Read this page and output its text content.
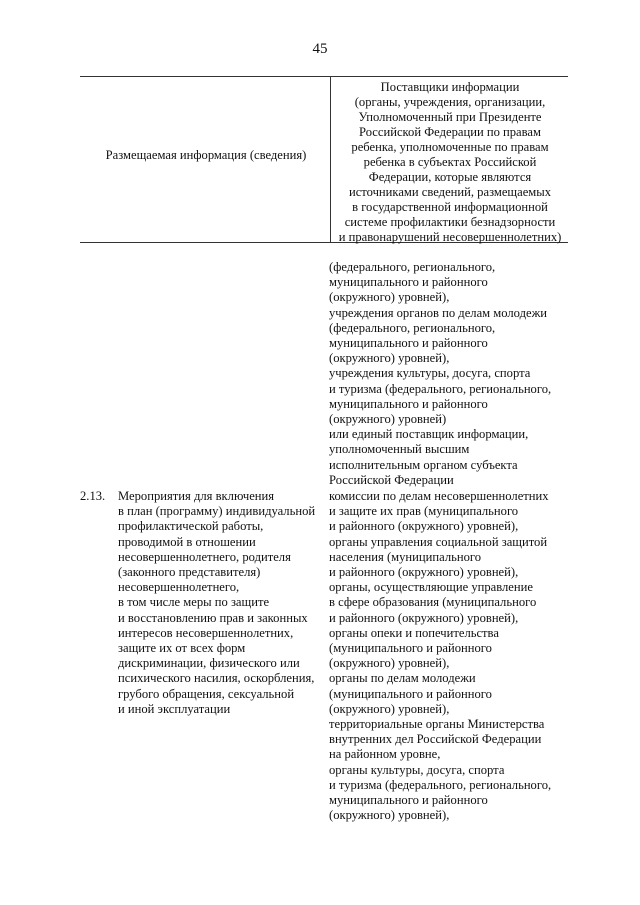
45
Размещаемая информация (сведения)
Поставщики информации
(органы, учреждения, организации,
Уполномоченный при Президенте
Российской Федерации по правам
ребенка, уполномоченные по правам
ребенка в субъектах Российской
Федерации, которые являются
источниками сведений, размещаемых
в государственной информационной
системе профилактики безнадзорности
и правонарушений несовершеннолетних)
(федерального, регионального,
муниципального и районного
(окружного) уровней),
учреждения органов по делам молодежи
(федерального, регионального,
муниципального и районного
(окружного) уровней),
учреждения культуры, досуга, спорта
и туризма (федерального, регионального,
муниципального и районного
(окружного) уровней)
или единый поставщик информации,
уполномоченный высшим
исполнительным органом субъекта
Российской Федерации
2.13. Мероприятия для включения
в план (программу) индивидуальной
профилактической работы,
проводимой в отношении
несовершеннолетнего, родителя
(законного представителя)
несовершеннолетнего,
в том числе меры по защите
и восстановлению прав и законных
интересов несовершеннолетних,
защите их от всех форм
дискриминации, физического или
психического насилия, оскорбления,
грубого обращения, сексуальной
и иной эксплуатации
комиссии по делам несовершеннолетних
и защите их прав (муниципального
и районного (окружного) уровней),
органы управления социальной защитой
населения (муниципального
и районного (окружного) уровней),
органы, осуществляющие управление
в сфере образования (муниципального
и районного (окружного) уровней),
органы опеки и попечительства
(муниципального и районного
(окружного) уровней),
органы по делам молодежи
(муниципального и районного
(окружного) уровней),
территориальные органы Министерства
внутренних дел Российской Федерации
на районном уровне,
органы культуры, досуга, спорта
и туризма (федерального, регионального,
муниципального и районного
(окружного) уровней),
